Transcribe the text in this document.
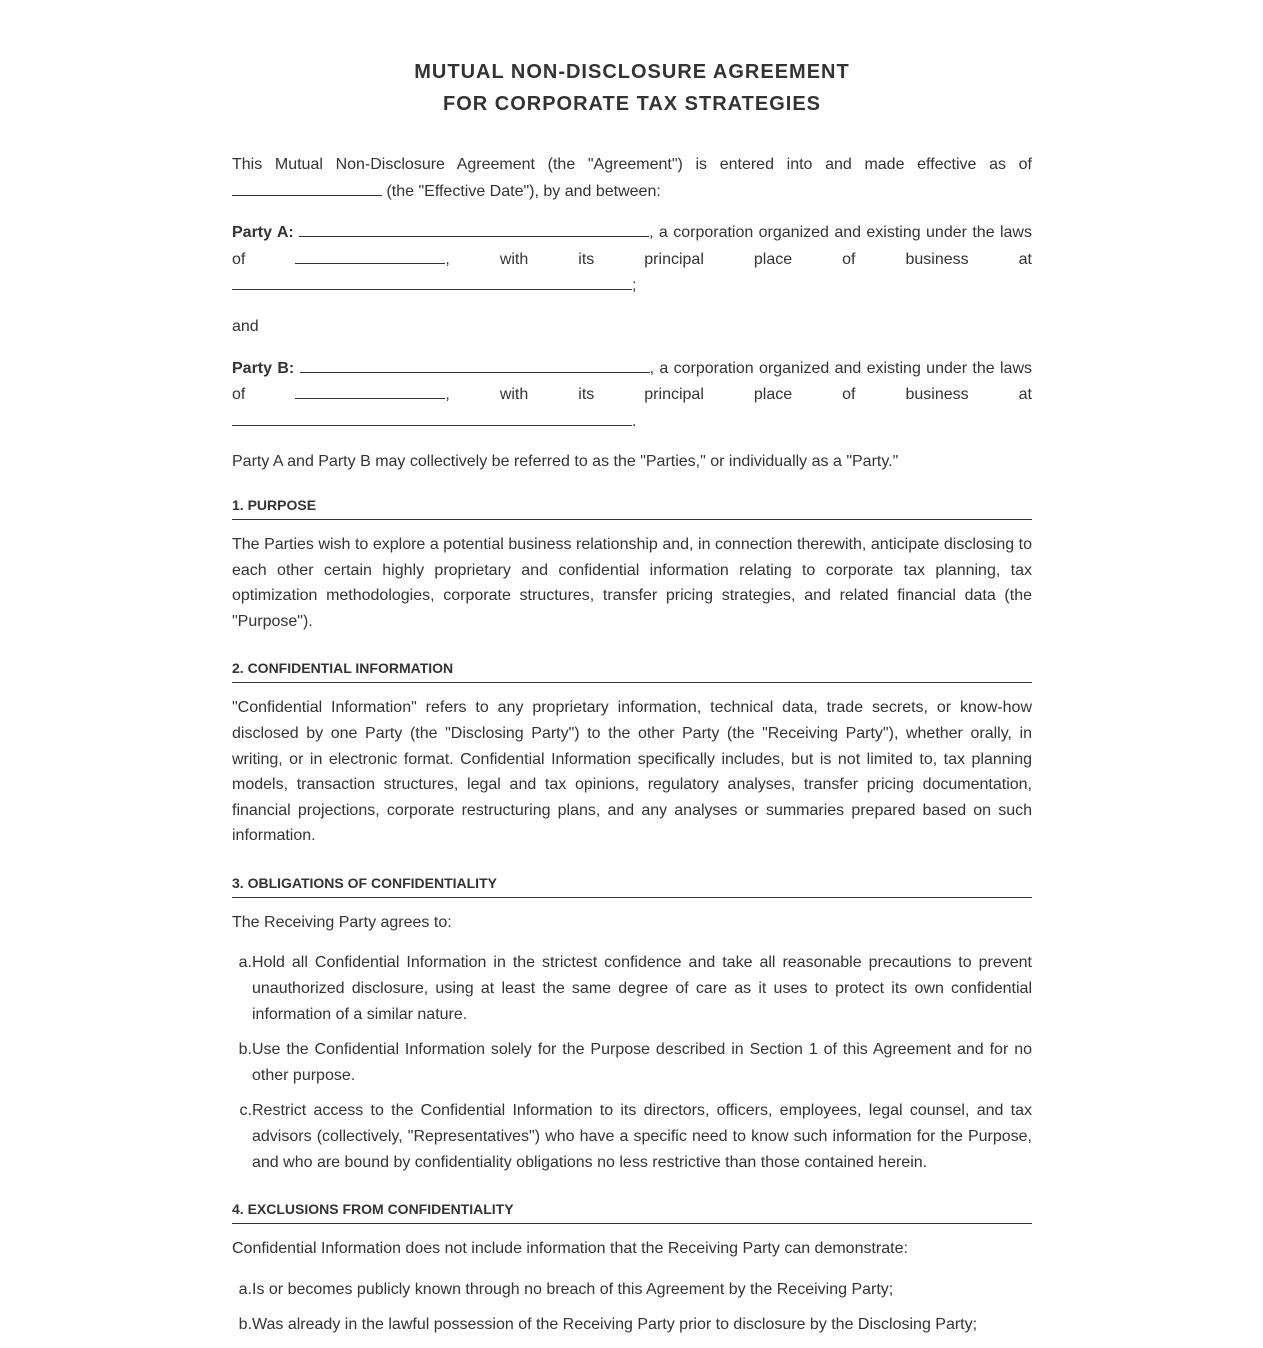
MUTUAL NON-DISCLOSURE AGREEMENT
FOR CORPORATE TAX STRATEGIES

This Mutual Non-Disclosure Agreement (the "Agreement") is entered into and made effective as of  (the "Effective Date"), by and between:

Party A:	, a corporation organized and existing under the laws of	, with its principal place of business at ;

and

Party B:	, a corporation organized and existing under the laws of	, with its principal place of business at .

Party A and Party B may collectively be referred to as the "Parties," or individually as a "Party."

1. PURPOSE

The Parties wish to explore a potential business relationship and, in connection therewith, anticipate disclosing to each other certain highly proprietary and confidential information relating to corporate tax planning, tax optimization methodologies, corporate structures, transfer pricing strategies, and related financial data (the "Purpose").

2. CONFIDENTIAL INFORMATION

"Confidential Information" refers to any proprietary information, technical data, trade secrets, or know-how disclosed by one Party (the "Disclosing Party") to the other Party (the "Receiving Party"), whether orally, in writing, or in electronic format. Confidential Information specifically includes, but is not limited to, tax planning models, transaction structures, legal and tax opinions, regulatory analyses, transfer pricing documentation, financial projections, corporate restructuring plans, and any analyses or summaries prepared based on such information.

3. OBLIGATIONS OF CONFIDENTIALITY

The Receiving Party agrees to:

a. Hold all Confidential Information in the strictest confidence and take all reasonable precautions to prevent unauthorized disclosure, using at least the same degree of care as it uses to protect its own confidential information of a similar nature.
b. Use the Confidential Information solely for the Purpose described in Section 1 of this Agreement and for no other purpose.
c. Restrict access to the Confidential Information to its directors, officers, employees, legal counsel, and tax advisors (collectively, "Representatives") who have a specific need to know such information for the Purpose, and who are bound by confidentiality obligations no less restrictive than those contained herein.
4. EXCLUSIONS FROM CONFIDENTIALITY

Confidential Information does not include information that the Receiving Party can demonstrate:

a. Is or becomes publicly known through no breach of this Agreement by the Receiving Party;
b. Was already in the lawful possession of the Receiving Party prior to disclosure by the Disclosing Party;
